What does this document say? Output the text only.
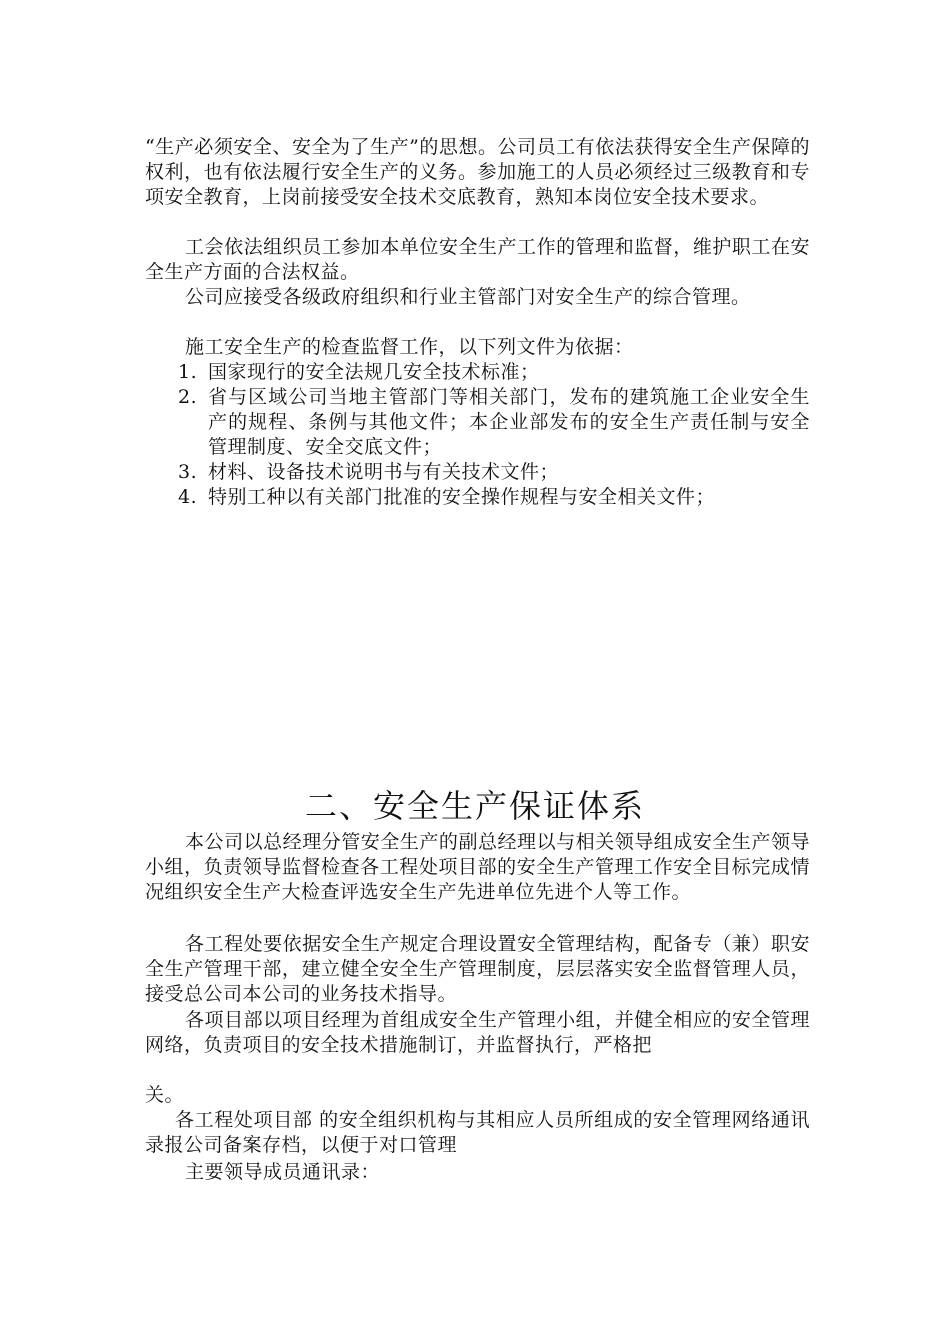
“生产必须安全、安全为了生产”的思想。公司员工有依法获得安全生产保障的权利，也有依法履行安全生产的义务。参加施工的人员必须经过三级教育和专项安全教育，上岗前接受安全技术交底教育，熟知本岗位安全技术要求。
工会依法组织员工参加本单位安全生产工作的管理和监督，维护职工在安全生产方面的合法权益。
公司应接受各级政府组织和行业主管部门对安全生产的综合管理。
施工安全生产的检查监督工作，以下列文件为依据：
1. 国家现行的安全法规几安全技术标准；
2. 省与区域公司当地主管部门等相关部门，发布的建筑施工企业安全生产的规程、条例与其他文件；本企业部发布的安全生产责任制与安全管理制度、安全交底文件；
3. 材料、设备技术说明书与有关技术文件；
4. 特别工种以有关部门批准的安全操作规程与安全相关文件；
二、安全生产保证体系
本公司以总经理分管安全生产的副总经理以与相关领导组成安全生产领导小组，负责领导监督检查各工程处项目部的安全生产管理工作安全目标完成情况组织安全生产大检查评选安全生产先进单位先进个人等工作。
各工程处要依据安全生产规定合理设置安全管理结构，配备专（兼）职安全生产管理干部，建立健全安全生产管理制度，层层落实安全监督管理人员，接受总公司本公司的业务技术指导。
各项目部以项目经理为首组成安全生产管理小组，并健全相应的安全管理网络，负责项目的安全技术措施制订，并监督执行，严格把
关。
各工程处项目部 的安全组织机构与其相应人员所组成的安全管理网络通讯录报公司备案存档，以便于对口管理
主要领导成员通讯录：
